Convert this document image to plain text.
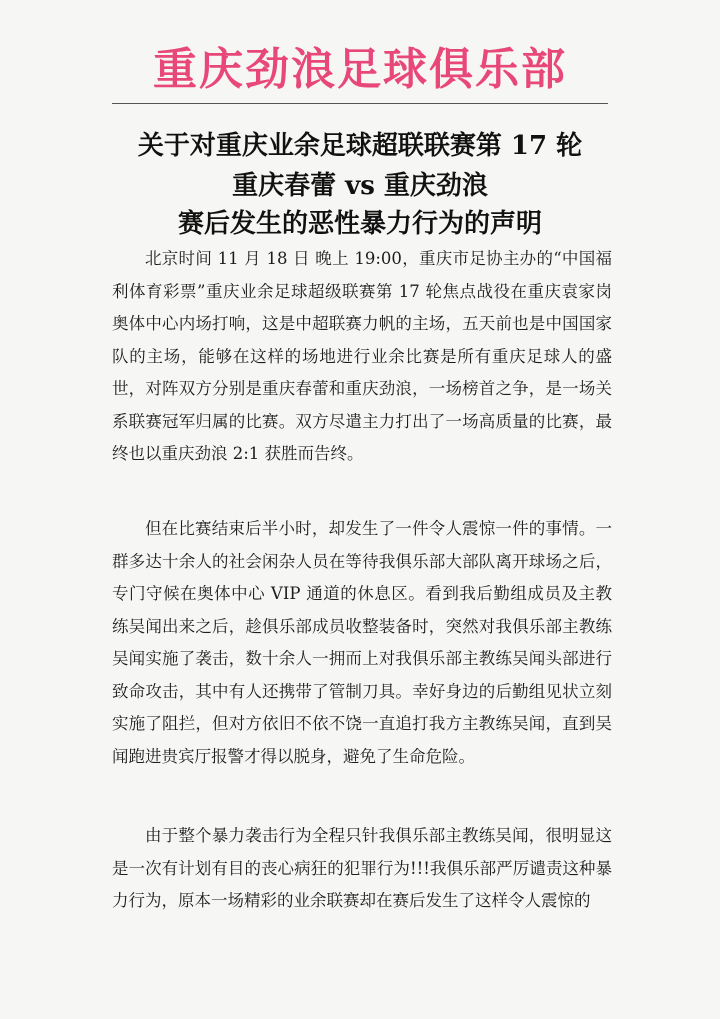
重庆劲浪足球俱乐部
关于对重庆业余足球超联联赛第 17 轮
重庆春蕾 vs 重庆劲浪
赛后发生的恶性暴力行为的声明

北京时间 11 月 18 日 晚上 19:00，重庆市足协主办的“中国福利体育彩票”重庆业余足球超级联赛第 17 轮焦点战役在重庆袁家岗奥体中心内场打响，这是中超联赛力帆的主场，五天前也是中国国家队的主场，能够在这样的场地进行业余比赛是所有重庆足球人的盛世，对阵双方分别是重庆春蕾和重庆劲浪，一场榜首之争，是一场关系联赛冠军归属的比赛。双方尽遣主力打出了一场高质量的比赛，最终也以重庆劲浪 2:1 获胜而告终。

但在比赛结束后半小时，却发生了一件令人震惊一件的事情。一群多达十余人的社会闲杂人员在等待我俱乐部大部队离开球场之后，专门守候在奥体中心 VIP 通道的休息区。看到我后勤组成员及主教练吴闻出来之后，趁俱乐部成员收整装备时，突然对我俱乐部主教练吴闻实施了袭击，数十余人一拥而上对我俱乐部主教练吴闻头部进行致命攻击，其中有人还携带了管制刀具。幸好身边的后勤组见状立刻实施了阻拦，但对方依旧不依不饶一直追打我方主教练吴闻，直到吴闻跑进贵宾厅报警才得以脱身，避免了生命危险。

由于整个暴力袭击行为全程只针我俱乐部主教练吴闻，很明显这是一次有计划有目的丧心病狂的犯罪行为!!!我俱乐部严厉谴责这种暴力行为，原本一场精彩的业余联赛却在赛后发生了这样令人震惊的
